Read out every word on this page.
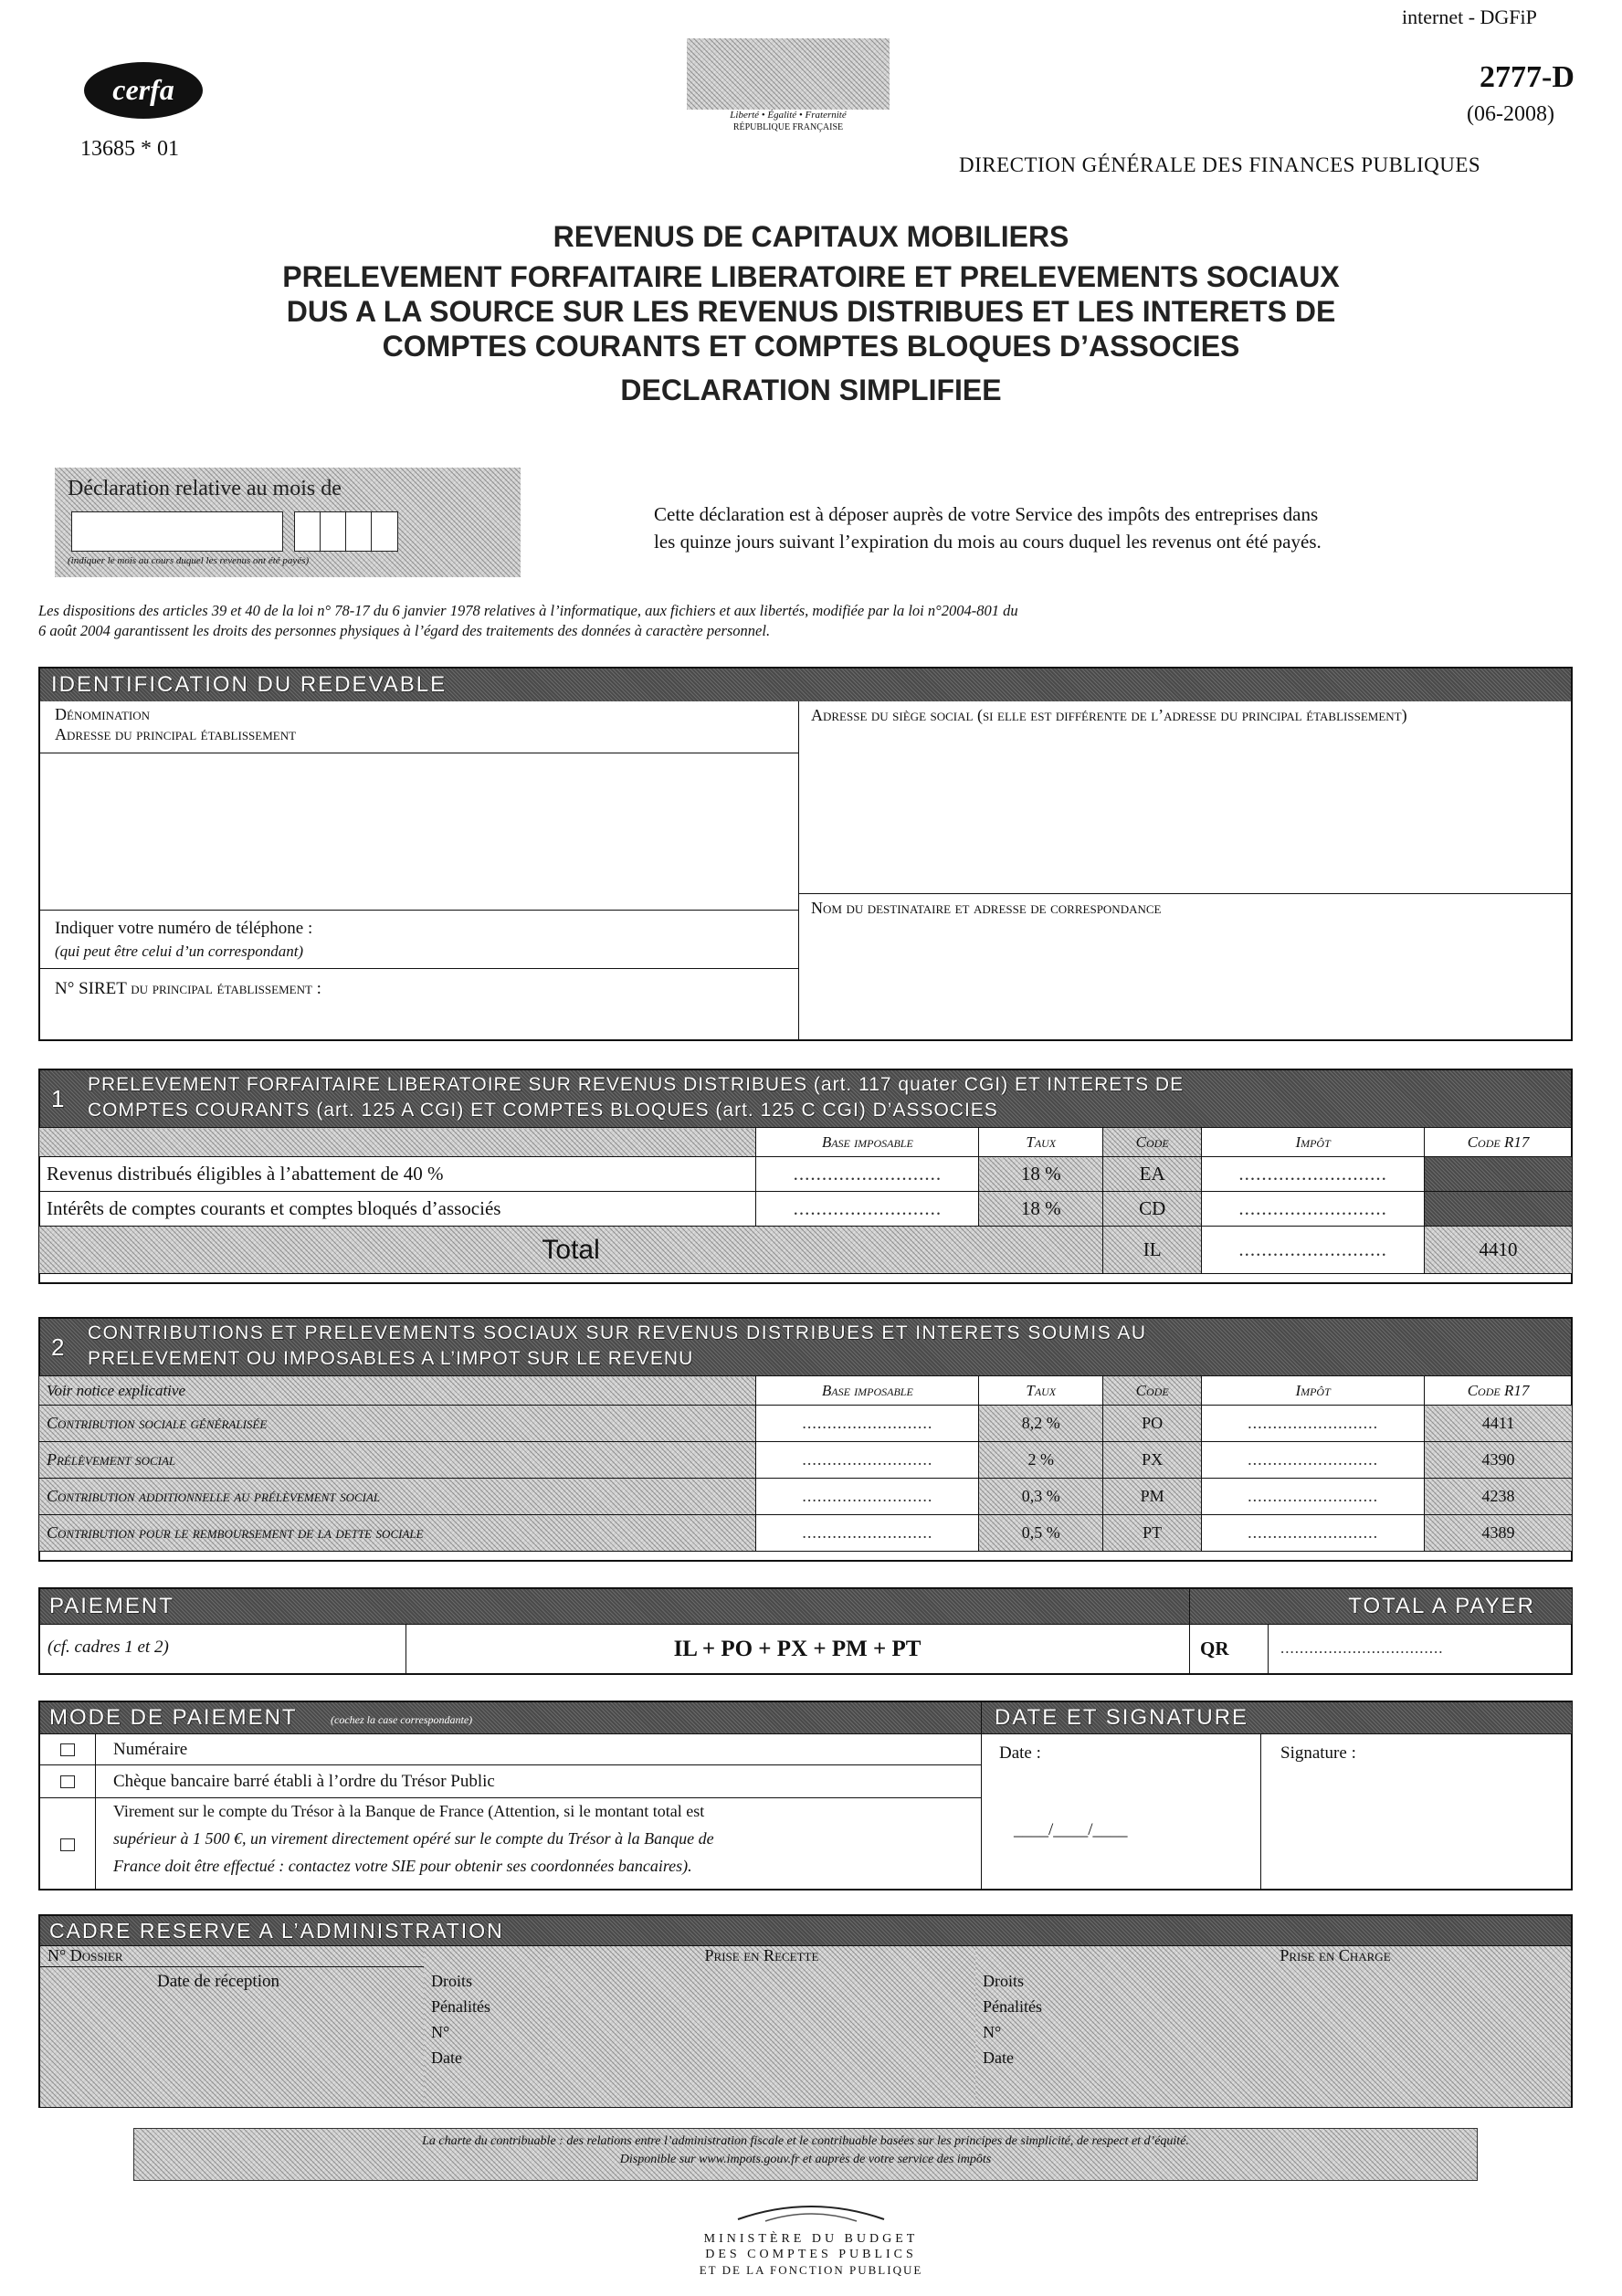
internet - DGFiP
cerfa
13685 * 01
Liberté • Égalité • Fraternité
RÉPUBLIQUE FRANÇAISE
2777-D
(06-2008)
DIRECTION GÉNÉRALE DES FINANCES PUBLIQUES
REVENUS DE CAPITAUX MOBILIERS
PRELEVEMENT FORFAITAIRE LIBERATOIRE ET PRELEVEMENTS SOCIAUX
DUS A LA SOURCE SUR LES REVENUS DISTRIBUES ET LES INTERETS DE
COMPTES COURANTS ET COMPTES BLOQUES D’ASSOCIES
DECLARATION SIMPLIFIEE
Déclaration relative au mois de
(indiquer le mois au cours duquel les revenus ont été payés)
Cette déclaration est à déposer auprès de votre Service des impôts des entreprises dans
les quinze jours suivant l’expiration du mois au cours duquel les revenus ont été payés.
Les dispositions des articles 39 et 40 de la loi n° 78-17 du 6 janvier 1978 relatives à l’informatique, aux fichiers et aux libertés, modifiée par la loi n°2004-801 du
6 août 2004 garantissent les droits des personnes physiques à l’égard des traitements des données à caractère personnel.
IDENTIFICATION DU REDEVABLE
Dénomination
Adresse du principal établissement
Indiquer votre numéro de téléphone :
(qui peut être celui d’un correspondant)
N° SIRET du principal établissement :
Adresse du siège social (si elle est différente de l’adresse du principal établissement)
Nom du destinataire et adresse de correspondance
1
PRELEVEMENT FORFAITAIRE LIBERATOIRE SUR REVENUS DISTRIBUES (art. 117 quater CGI) ET INTERETS DE
COMPTES COURANTS (art. 125 A CGI) ET COMPTES BLOQUES (art. 125 C CGI) D’ASSOCIES
	Base imposable	Taux	Code	Impôt	Code R17
Revenus distribués éligibles à l’abattement de 40 %	..........................	18 %	EA	..........................	
Intérêts de comptes courants et comptes bloqués d’associés	..........................	18 %	CD	..........................	
Total			IL	..........................	4410
2
CONTRIBUTIONS ET PRELEVEMENTS SOCIAUX SUR REVENUS DISTRIBUES ET INTERETS SOUMIS AU
PRELEVEMENT OU IMPOSABLES A L’IMPOT SUR LE REVENU
Voir notice explicative	Base imposable	Taux	Code	Impôt	Code R17
Contribution sociale généralisée	..........................	8,2 %	PO	..........................	4411
Prélèvement social	..........................	2 %	PX	..........................	4390
Contribution additionnelle au prélèvement social	..........................	0,3 %	PM	..........................	4238
Contribution pour le remboursement de la dette sociale	..........................	0,5 %	PT	..........................	4389
PAIEMENT	TOTAL A PAYER
(cf. cadres 1 et 2)	IL + PO + PX + PM + PT	QR	..................................
MODE DE PAIEMENT	(cochez la case correspondante)	DATE ET SIGNATURE
Numéraire
Chèque bancaire barré établi à l’ordre du Trésor Public
Virement sur le compte du Trésor à la Banque de France (Attention, si le montant total est
supérieur à 1 500 €, un virement directement opéré sur le compte du Trésor à la Banque de
France doit être effectué : contactez votre SIE pour obtenir ses coordonnées bancaires).
Date :
____/____/____
Signature :
CADRE RESERVE A L’ADMINISTRATION
N° Dossier
Date de réception	Droits
Pénalités
N°
Date
Prise en Recette
Droits
Pénalités
N°
Date
Prise en Charge
La charte du contribuable : des relations entre l’administration fiscale et le contribuable basées sur les principes de simplicité, de respect et d’équité.
Disponible sur www.impots.gouv.fr et auprès de votre service des impôts
MINISTÈRE DU BUDGET
DES COMPTES PUBLICS
ET DE LA FONCTION PUBLIQUE
